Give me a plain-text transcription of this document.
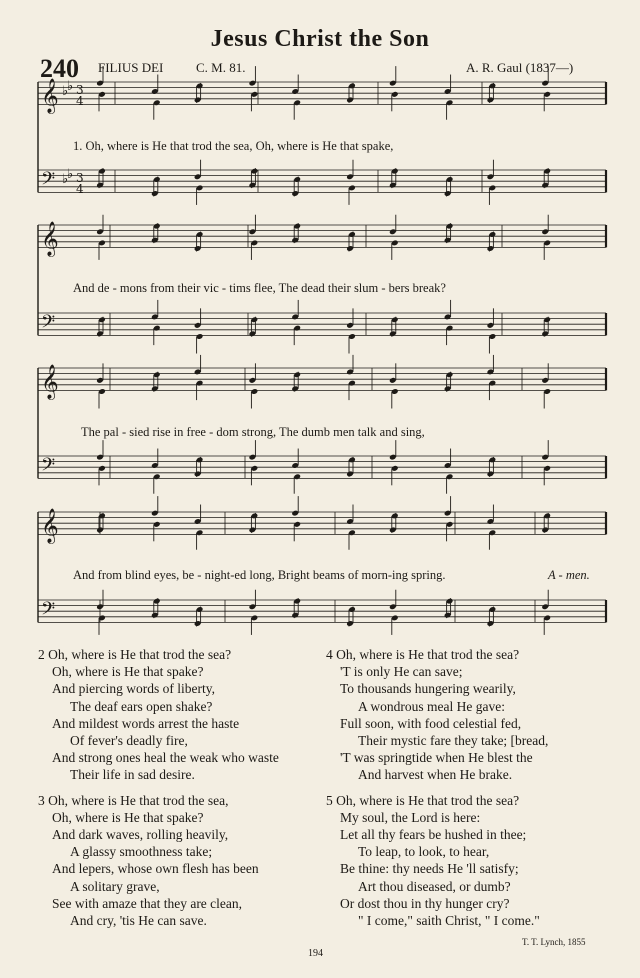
Jesus Christ the Son
240 FILIUS DEI	C. M. 81.	A. R. Gaul (1837—)
𝄞
𝄢
𝄞
𝄢
𝄞
𝄢
𝄞
𝄢
♭
♭ 3
4
♭
♭ 3
4
1. Oh, where is He that trod the sea, Oh, where is He that spake,
And de - mons from their vic - tims flee, The dead their slum - bers break?
The pal - sied rise in free - dom strong, The dumb men talk and sing,
And from blind eyes, be - night-ed long, Bright beams of morn-ing spring.	A - men.
2 Oh, where is He that trod the sea?
Oh, where is He that spake?
And piercing words of liberty,
The deaf ears open shake?
And mildest words arrest the haste
Of fever's deadly fire,
And strong ones heal the weak who waste
Their life in sad desire.
3 Oh, where is He that trod the sea,
Oh, where is He that spake?
And dark waves, rolling heavily,
A glassy smoothness take;
And lepers, whose own flesh has been
A solitary grave,
See with amaze that they are clean,
And cry, 'tis He can save.
4 Oh, where is He that trod the sea?
'T is only He can save;
To thousands hungering wearily,
A wondrous meal He gave:
Full soon, with food celestial fed,
Their mystic fare they take; [bread,
'T was springtide when He blest the
And harvest when He brake.
5 Oh, where is He that trod the sea?
My soul, the Lord is here:
Let all thy fears be hushed in thee;
To leap, to look, to hear,
Be thine: thy needs He 'll satisfy;
Art thou diseased, or dumb?
Or dost thou in thy hunger cry?
" I come," saith Christ, " I come."
T. T. Lynch, 1855
194
